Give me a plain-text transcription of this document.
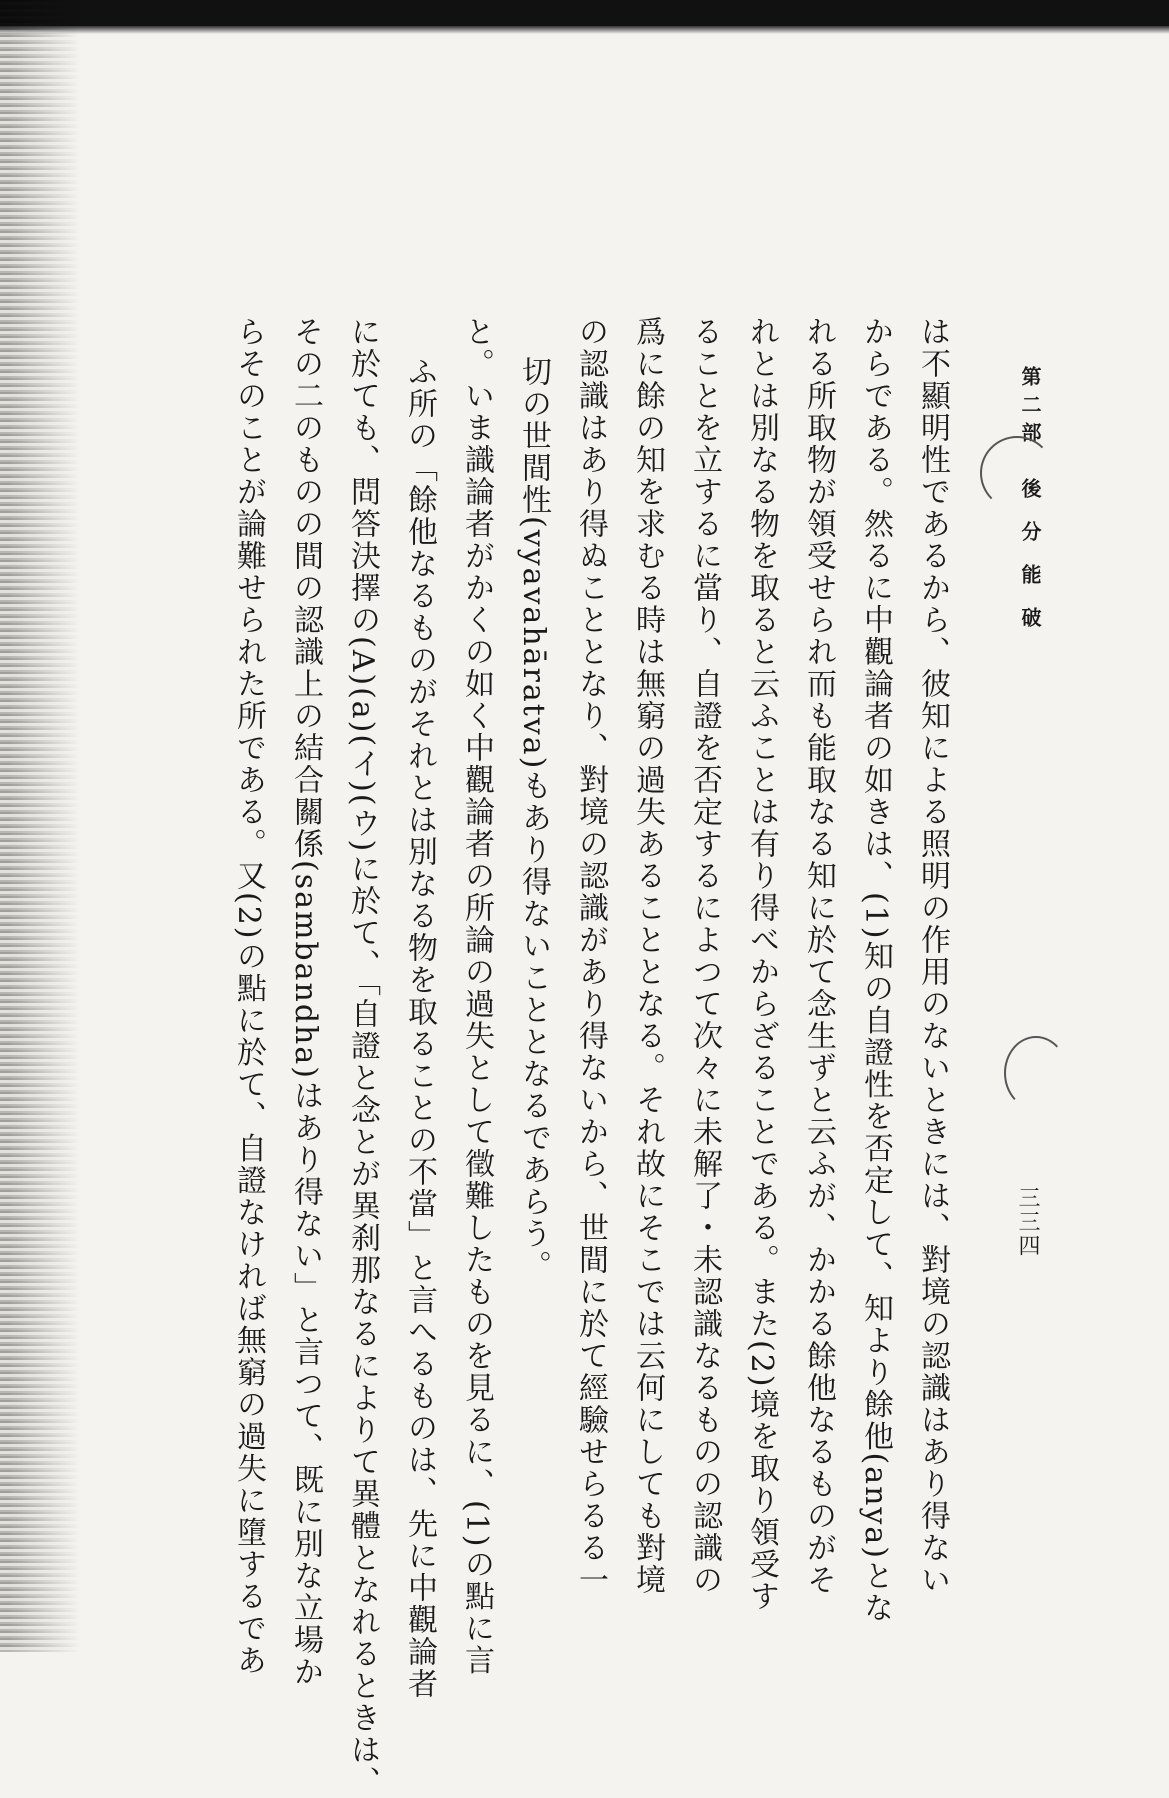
第二部　後 分 能 破
三三四
は不顯明性であるから、彼知による照明の作用のないときには、對境の認識はあり得ない
からである。然るに中觀論者の如きは、(1)知の自證性を否定して、知より餘他(anya)とな
れる所取物が領受せられ而も能取なる知に於て念生ずと云ふが、かかる餘他なるものがそ
れとは別なる物を取ると云ふことは有り得べからざることである。また(2)境を取り領受す
ることを立するに當り、自證を否定するによつて次々に未解了・未認識なるものの認識の
爲に餘の知を求むる時は無窮の過失あることとなる。それ故にそこでは云何にしても對境
の認識はあり得ぬこととなり、對境の認識があり得ないから、世間に於て經驗せらるる一
切の世間性(vyavahāratva)もあり得ないこととなるであらう。
と。いま識論者がかくの如く中觀論者の所論の過失として徵難したものを見るに、(1)の點に言
ふ所の「餘他なるものがそれとは別なる物を取ることの不當」と言へるものは、先に中觀論者
に於ても、問答決擇の(A)(a)(イ)(ウ)に於て、「自證と念とが異刹那なるによりて異體となれるときは、
その二のものの間の認識上の結合關係(sambandha)はあり得ない」と言つて、既に別な立場か
らそのことが論難せられた所である。又(2)の點に於て、自證なければ無窮の過失に墮するであ
